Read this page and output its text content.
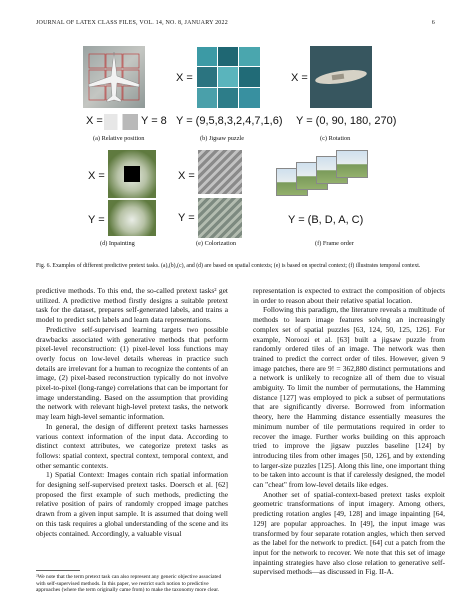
JOURNAL OF LATEX CLASS FILES, VOL. 14, NO. 8, JANUARY 2022	6
Y = 8
X =
X =
Y = (9,5,8,3,2,4,7,1,6)
X =
Y = (0, 90, 180, 270)
(a) Relative position	(b) Jigsaw puzzle	(c) Rotation
X =
Y =
X =
Y =	Y = (B, D, A, C)
(d) Inpainting	(e) Colorization	(f) Frame order
Fig. 6. Examples of different predictive pretext tasks. (a),(b),(c), and (d) are based on spatial contexts; (e) is based on spectral context; (f) illustrates temporal context.

predictive methods. To this end, the so-called pretext tasks² get utilized. A predictive method firstly designs a suitable pretext task for the dataset, prepares self-generated labels, and trains a model to predict such labels and learn data representations.

Predictive self-supervised learning targets two possible drawbacks associated with generative methods that perform pixel-level reconstruction: (1) pixel-level loss functions may overly focus on low-level details whereas in practice such details are irrelevant for a human to recognize the contents of an image, (2) pixel-based reconstruction typically do not involve pixel-to-pixel (long-range) correlations that can be important for image understanding. Based on the assumption that providing the network with relevant high-level pretext tasks, the network may learn high-level semantic information.

In general, the design of different pretext tasks harnesses various context information of the input data. According to distinct context attributes, we categorize pretext tasks as follows: spatial context, spectral context, temporal context, and other semantic contexts.

1) Spatial Context: Images contain rich spatial information for designing self-supervised pretext tasks. Doersch et al. [62] proposed the first example of such methods, predicting the relative position of pairs of randomly cropped image patches drawn from a given input sample. It is assumed that doing well on this task requires a global understanding of the scene and its objects contained. Accordingly, a valuable visual

²We note that the term pretext task can also represent any generic objective associated with self-supervised methods. In this paper, we restrict such notion to predictive approaches (where the term originally came from) to make the taxonomy more clear.

representation is expected to extract the composition of objects in order to reason about their relative spatial location.

Following this paradigm, the literature reveals a multitude of methods to learn image features solving an increasingly complex set of spatial puzzles [63, 124, 50, 125, 126]. For example, Noroozi et al. [63] built a jigsaw puzzle from randomly ordered tiles of an image. The network was then trained to predict the correct order of tiles. However, given 9 image patches, there are 9! = 362,880 distinct permutations and a network is unlikely to recognize all of them due to visual ambiguity. To limit the number of permutations, the Hamming distance [127] was employed to pick a subset of permutations that are significantly diverse. Borrowed from information theory, here the Hamming distance essentially measures the minimum number of tile permutations required in order to recover the image. Further works building on this approach tried to improve the jigsaw puzzles baseline [124] by introducing tiles from other images [50, 126], and by extending to larger-size puzzles [125]. Along this line, one important thing to be taken into account is that if carelessly designed, the model can "cheat" from low-level details like edges.

Another set of spatial-context-based pretext tasks exploit geometric transformations of input imagery. Among others, predicting rotation angles [49, 128] and image inpainting [64, 129] are popular approaches. In [49], the input image was transformed by four separate rotation angles, which then served as the label for the network to predict. [64] cut a patch from the input for the network to recover. We note that this set of image inpainting strategies have also close relation to generative self-supervised methods—as discussed in Fig. II-A.
